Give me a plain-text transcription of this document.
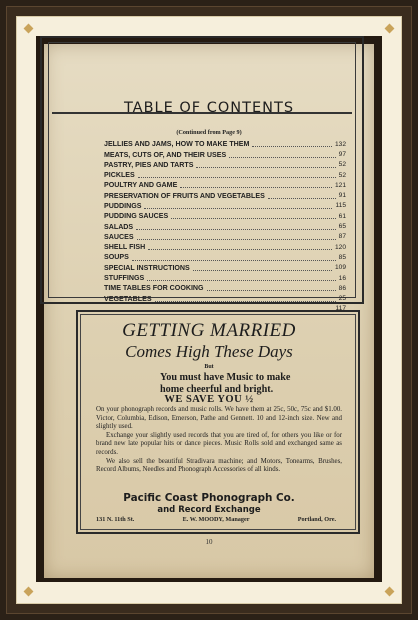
TABLE OF CONTENTS
(Continued from Page 9)
JELLIES AND JAMS, HOW TO MAKE THEM	132
MEATS, CUTS OF, AND THEIR USES	97
PASTRY, PIES AND TARTS	52
PICKLES	52
POULTRY AND GAME	121
PRESERVATION OF FRUITS AND VEGETABLES	91
PUDDINGS	115
PUDDING SAUCES	61
SALADS	65
SAUCES	87
SHELL FISH	120
SOUPS	85
SPECIAL INSTRUCTIONS	109
STUFFINGS	16
TIME TABLES FOR COOKING	86
VEGETABLES	25
117
GETTING MARRIED
Comes High These Days
But
You must have Music to make
home cheerful and bright.
WE SAVE YOU ½

On your phonograph records and music rolls. We have them at 25c, 50c, 75c and $1.00. Victor, Columbia, Edison, Emerson, Pathe and Gennett. 10 and 12-inch size. New and slightly used.

Exchange your slightly used records that you are tired of, for others you like or for brand new late popular hits or dance pieces. Music Rolls sold and exchanged same as records.

We also sell the beautiful Stradivara machine; and Motors, Tonearms, Brushes, Record Albums, Needles and Phonograph Accessories of all kinds.

Pacific Coast Phonograph Co.
and Record Exchange
131 N. 11th St.	E. W. MOODY, Manager	Portland, Ore.
10
